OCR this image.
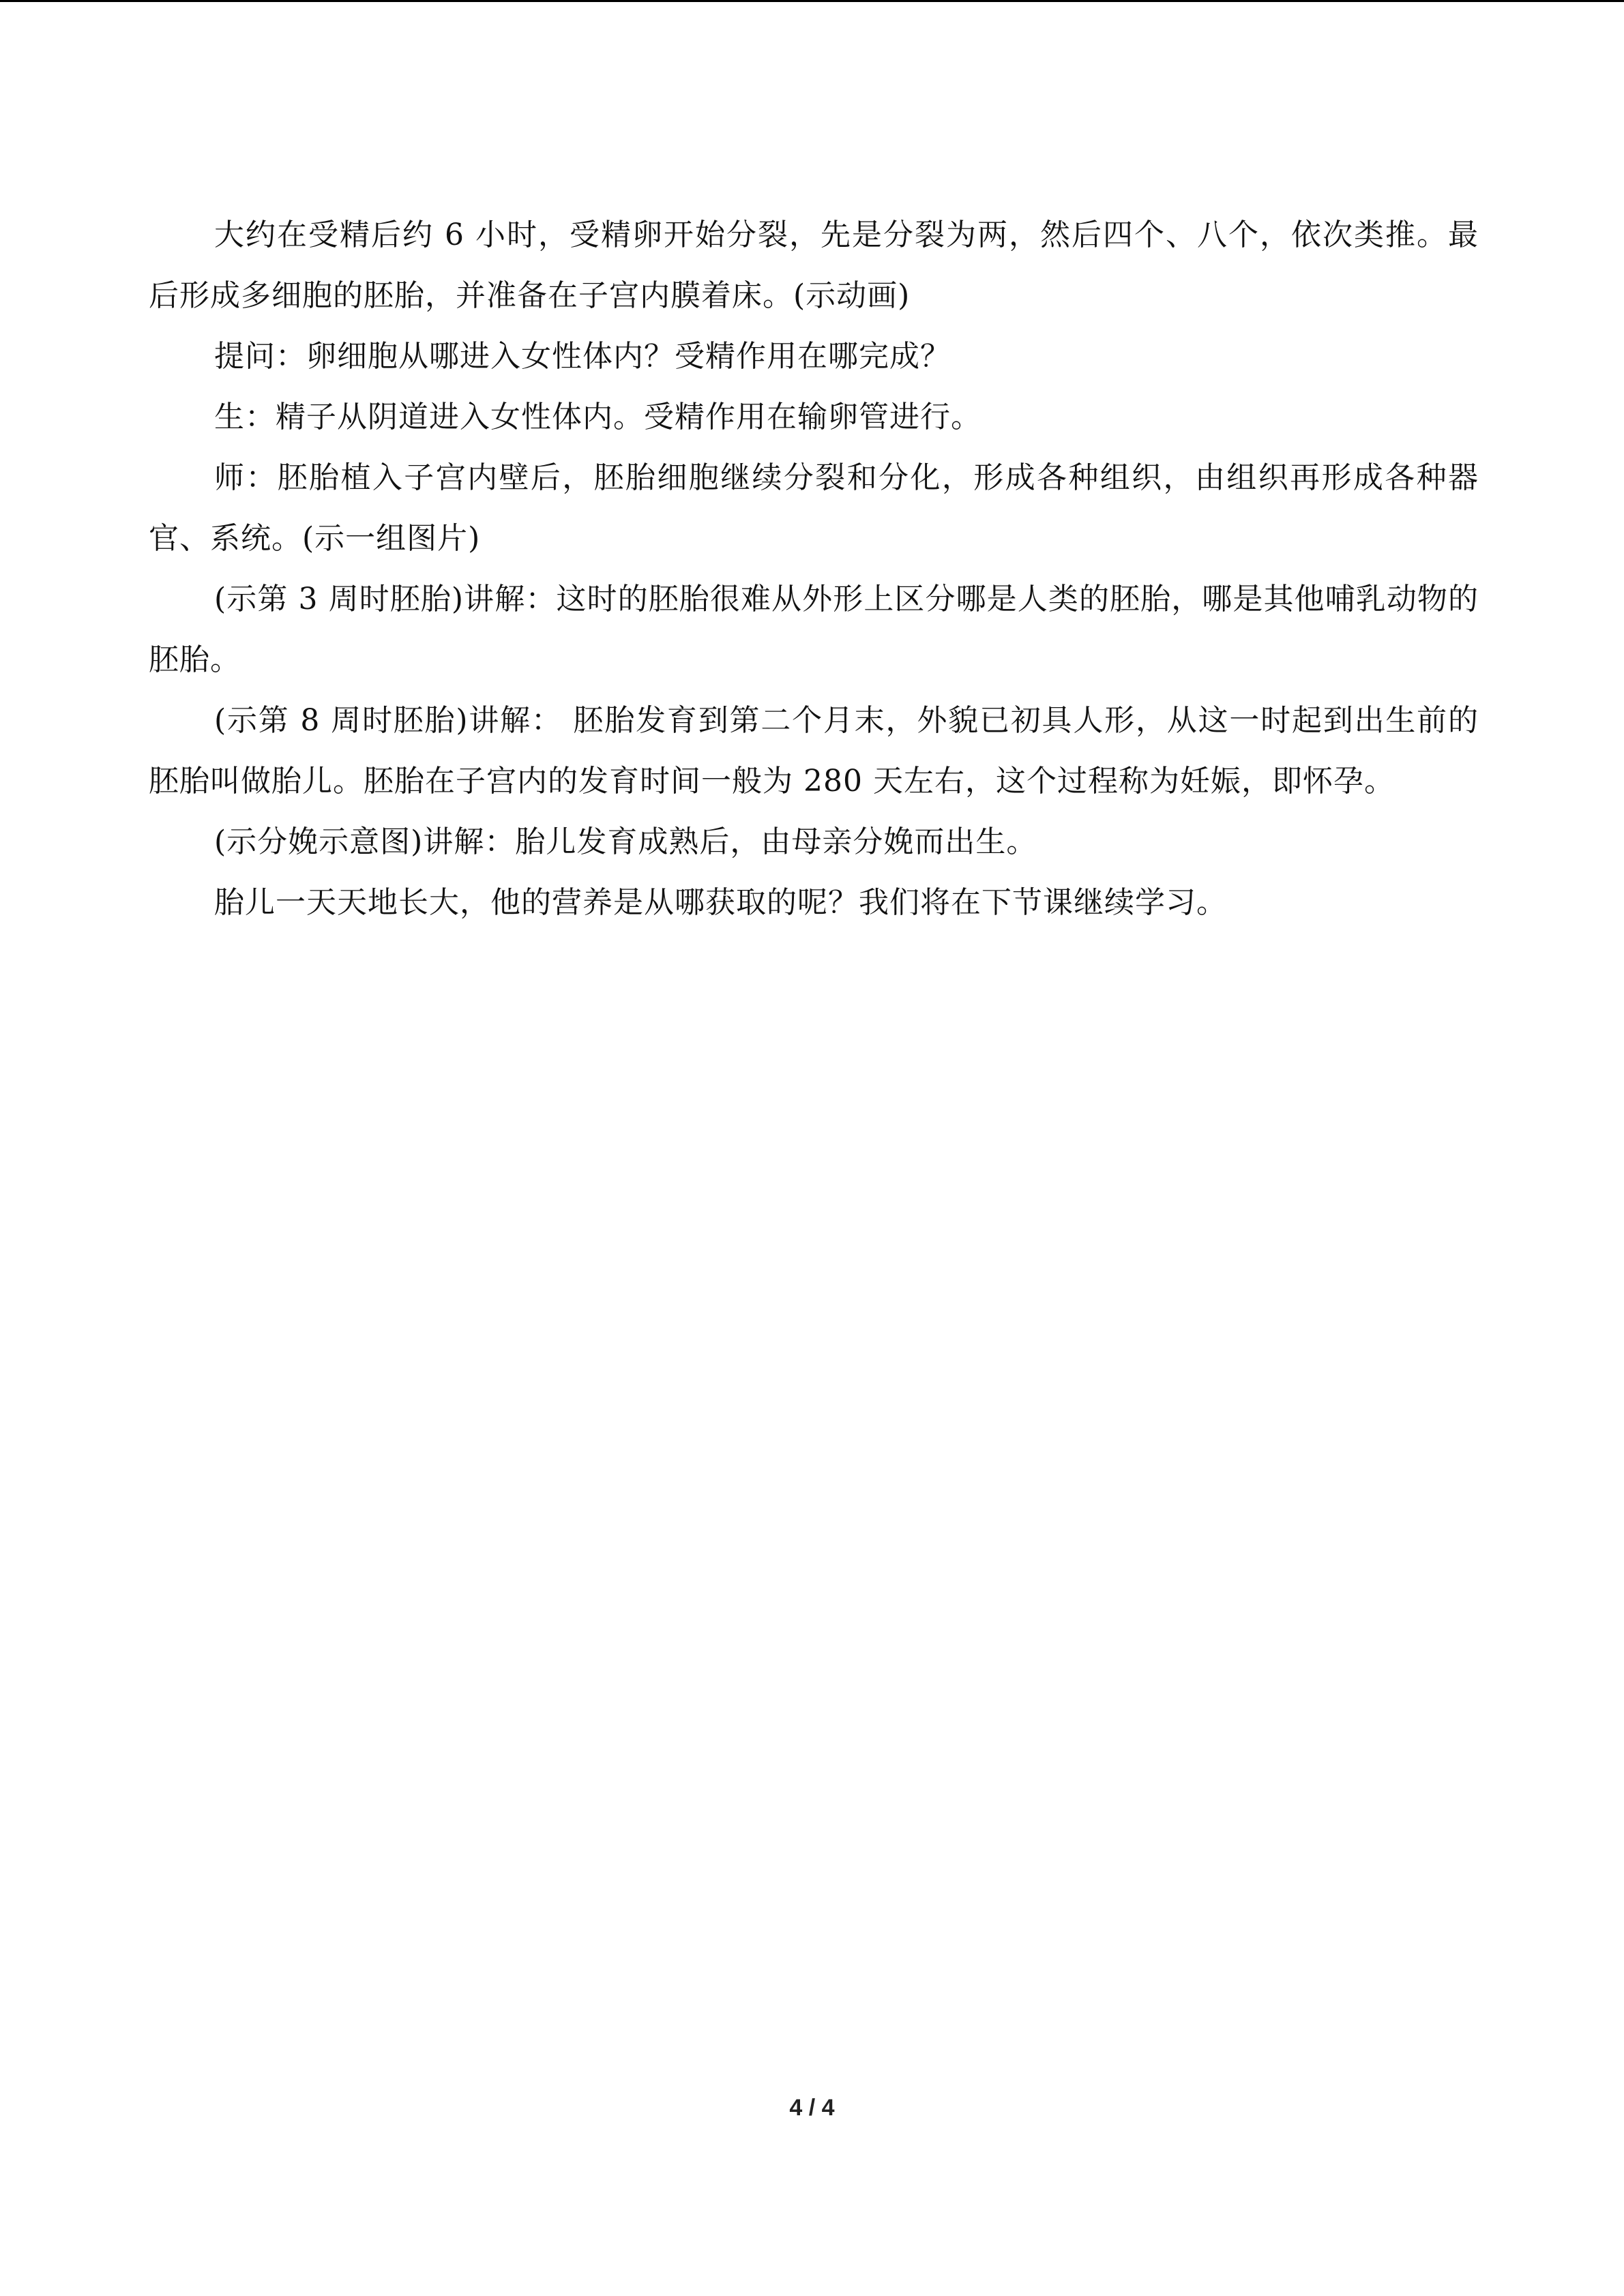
大约在受精后约 6 小时，受精卵开始分裂，先是分裂为两，然后四个、八个，依次类推。最后形成多细胞的胚胎，并准备在子宫内膜着床。(示动画)

提问：卵细胞从哪进入女性体内？受精作用在哪完成？

生：精子从阴道进入女性体内。受精作用在输卵管进行。

师：胚胎植入子宫内壁后，胚胎细胞继续分裂和分化，形成各种组织，由组织再形成各种器官、系统。(示一组图片)

(示第 3 周时胚胎)讲解：这时的胚胎很难从外形上区分哪是人类的胚胎，哪是其他哺乳动物的胚胎。

(示第 8 周时胚胎)讲解： 胚胎发育到第二个月末，外貌已初具人形，从这一时起到出生前的胚胎叫做胎儿。胚胎在子宫内的发育时间一般为 280 天左右，这个过程称为妊娠，即怀孕。

(示分娩示意图)讲解：胎儿发育成熟后，由母亲分娩而出生。

胎儿一天天地长大，他的营养是从哪获取的呢？我们将在下节课继续学习。

4 / 4
